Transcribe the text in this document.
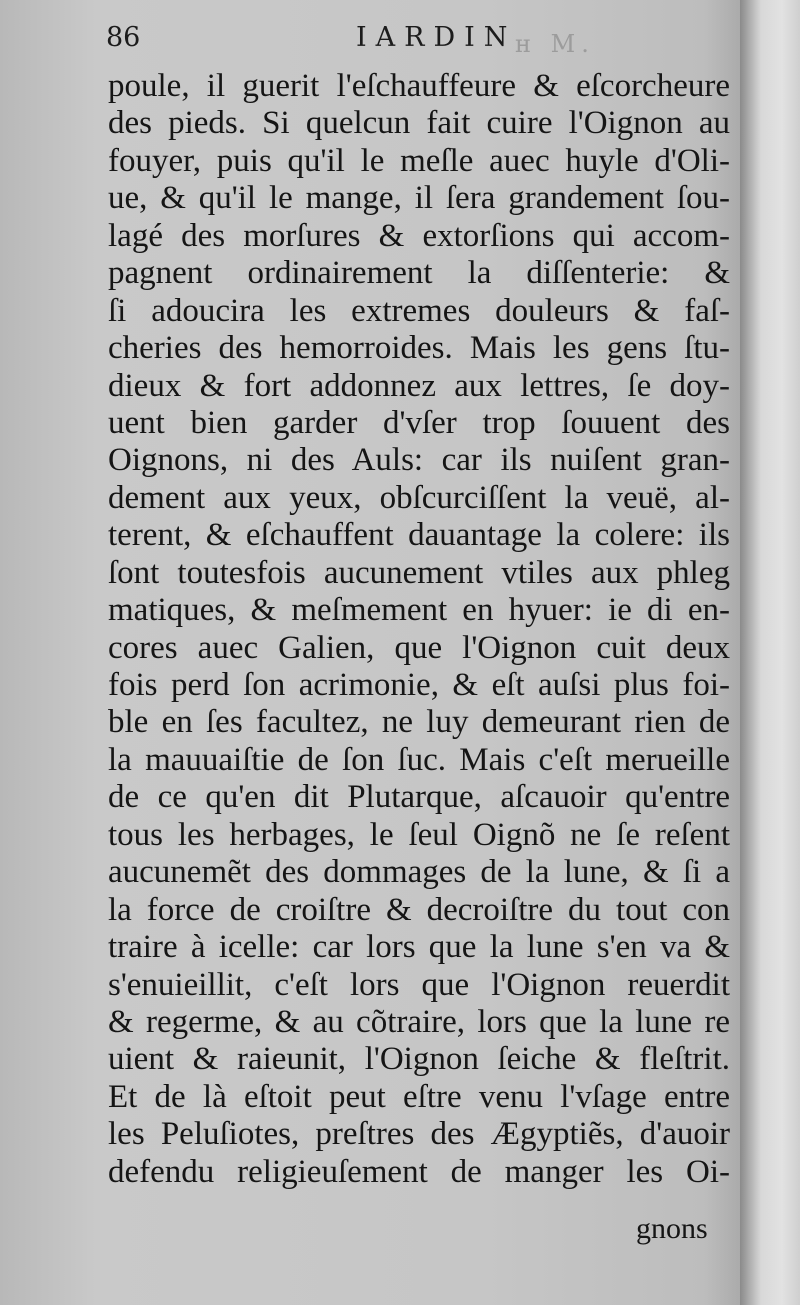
86	IARDIN
ʜ M.
poule, il guerit l'eſchauffeure & eſcorcheure
des pieds. Si quelcun fait cuire l'Oignon au
fouyer, puis qu'il le meſle auec huyle d'Oli-
ue, & qu'il le mange, il ſera grandement ſou-
lagé des morſures & extorſions qui accom-
pagnent ordinairement la diſſenterie: &
ſi adoucira les extremes douleurs & faſ-
cheries des hemorroides. Mais les gens ſtu-
dieux & fort addonnez aux lettres, ſe doy-
uent bien garder d'vſer trop ſouuent des
Oignons, ni des Auls: car ils nuiſent gran-
dement aux yeux, obſcurciſſent la veuë, al-
terent, & eſchauffent dauantage la colere: ils
ſont toutesfois aucunement vtiles aux phleg
matiques, & meſmement en hyuer: ie di en-
cores auec Galien, que l'Oignon cuit deux
fois perd ſon acrimonie, & eſt auſsi plus foi-
ble en ſes facultez, ne luy demeurant rien de
la mauuaiſtie de ſon ſuc. Mais c'eſt merueille
de ce qu'en dit Plutarque, aſcauoir qu'entre
tous les herbages, le ſeul Oignõ ne ſe reſent
aucunemẽt des dommages de la lune, & ſi a
la force de croiſtre & decroiſtre du tout con
traire à icelle: car lors que la lune s'en va &
s'enuieillit, c'eſt lors que l'Oignon reuerdit
& regerme, & au cõtraire, lors que la lune re
uient & raieunit, l'Oignon ſeiche & fleſtrit.
Et de là eſtoit peut eſtre venu l'vſage entre
les Peluſiotes, preſtres des Ægyptiẽs, d'auoir
defendu religieuſement de manger les Oi-
gnons
